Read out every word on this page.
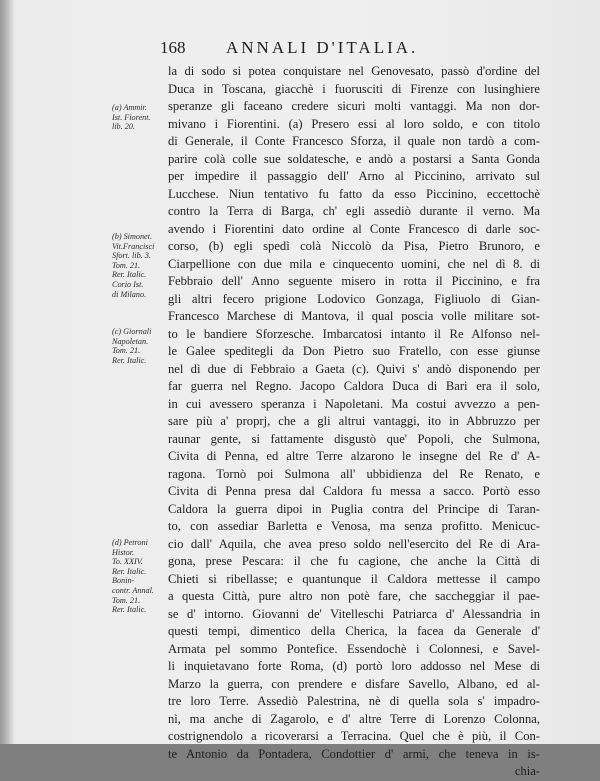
168 ANNALI D'ITALIA.
la di sodo si potea conquistare nel Genovesato, passò d'ordine del
Duca in Toscana, giacchè i fuorusciti di Firenze con lusinghiere
speranze gli faceano credere sicuri molti vantaggi. Ma non dor-
mivano i Fiorentini. (a) Presero essi al loro soldo, e con titolo
di Generale, il Conte Francesco Sforza, il quale non tardò a com-
parire colà colle sue soldatesche, e andò a postarsi a Santa Gonda
per impedire il passaggio dell' Arno al Piccinino, arrivato sul
Lucchese. Niun tentativo fu fatto da esso Piccinino, eccettochè
contro la Terra di Barga, ch' egli assediò durante il verno. Ma
avendo i Fiorentini dato ordine al Conte Francesco di darle soc-
corso, (b) egli spedì colà Niccolò da Pisa, Pietro Brunoro, e
Ciarpellione con due mila e cinquecento uomini, che nel dì 8. di
Febbraio dell' Anno seguente misero in rotta il Piccinino, e fra
gli altri fecero prigione Lodovico Gonzaga, Figliuolo di Gian-
Francesco Marchese di Mantova, il qual poscia volle militare sot-
to le bandiere Sforzesche. Imbarcatosi intanto il Re Alfonso nel-
le Galee speditegli da Don Pietro suo Fratello, con esse giunse
nel dì due di Febbraio a Gaeta (c). Quivi s' andò disponendo per
far guerra nel Regno. Jacopo Caldora Duca di Bari era il solo,
in cui avessero speranza i Napoletani. Ma costui avvezzo a pen-
sare più a' proprj, che a gli altrui vantaggi, ito in Abbruzzo per
raunar gente, si fattamente disgustò que' Popoli, che Sulmona,
Civita di Penna, ed altre Terre alzarono le insegne del Re d' A-
ragona. Tornò poi Sulmona all' ubbidienza del Re Renato, e
Civita di Penna presa dal Caldora fu messa a sacco. Portò esso
Caldora la guerra dipoi in Puglia contra del Principe di Taran-
to, con assediar Barletta e Venosa, ma senza profitto. Menicuc-
cio dall' Aquila, che avea preso soldo nell'esercito del Re di Ara-
gona, prese Pescara: il che fu cagione, che anche la Città di
Chieti si ribellasse; e quantunque il Caldora mettesse il campo
a questa Città, pure altro non potè fare, che saccheggiar il pae-
se d' intorno. Giovanni de' Vitelleschi Patriarca d' Alessandria in
questi tempi, dimentico della Cherica, la facea da Generale d'
Armata pel sommo Pontefice. Essendochè i Colonnesi, e Savel-
li inquietavano forte Roma, (d) portò loro addosso nel Mese di
Marzo la guerra, con prendere e disfare Savello, Albano, ed al-
tre loro Terre. Assediò Palestrina, nè di quella sola s' impadro-
nì, ma anche di Zagarolo, e d' altre Terre di Lorenzo Colonna,
costrignendolo a ricoverarsi a Terracina. Quel che è più, il Con-
te Antonio da Pontadera, Condottier d' armi, che teneva in is-
chia-
(a) Ammir.
Ist. Fiorent.
lib. 20.
(b) Simonet.
Vit.Francisci
Sfort. lib. 3.
Tom. 21.
Rer. Italic.
Corio Ist.
di Milano.
(c) Giornali
Napoletan.
Tom. 21.
Rer. Italic.
(d) Petroni
Histor.
To. XXIV.
Rer. Italic.
Bonin-
contr. Annal.
Tom. 21.
Rer. Italic.
